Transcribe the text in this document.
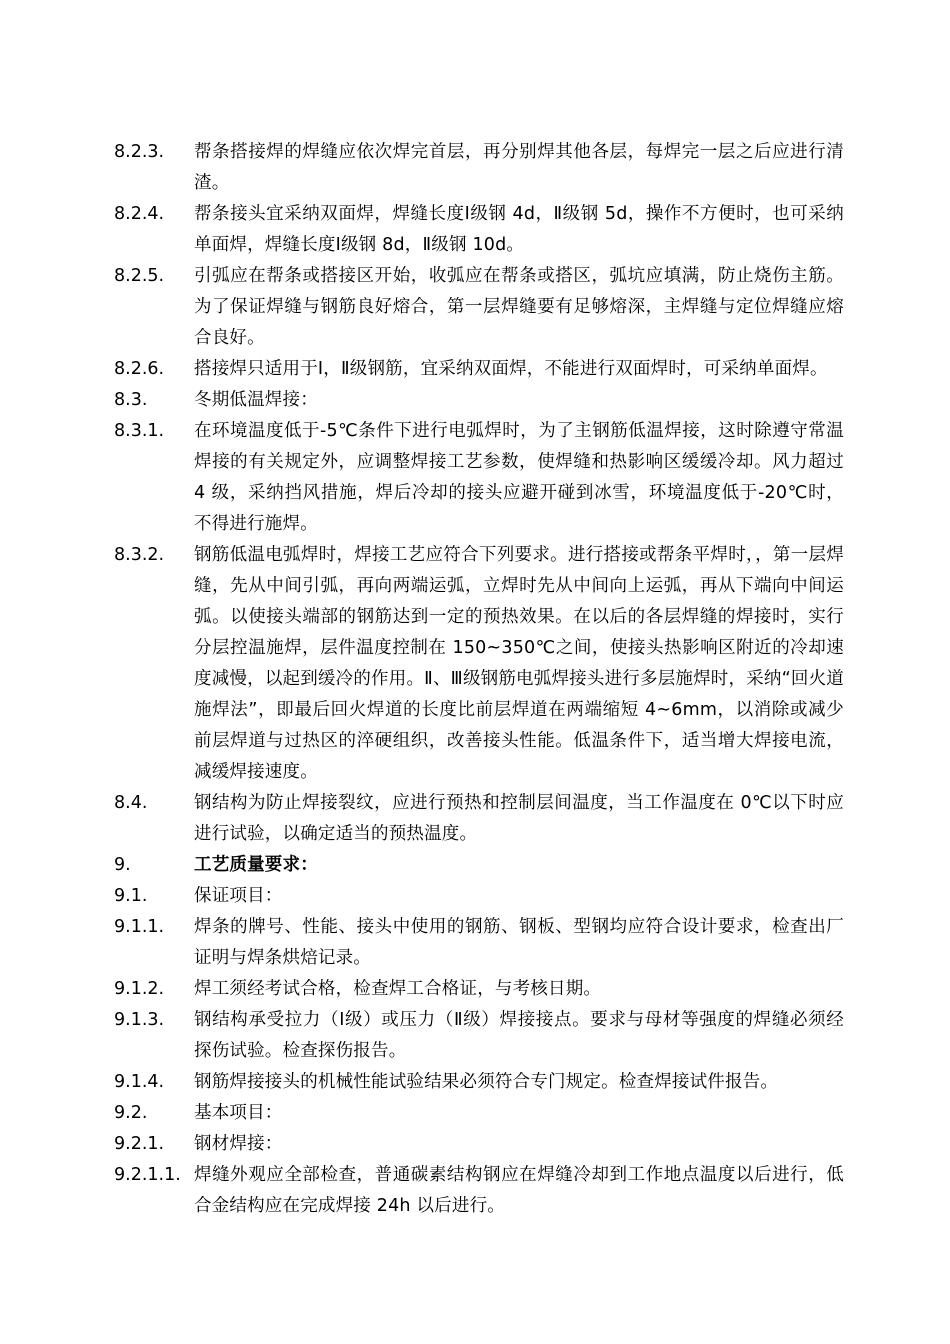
8.2.3.	帮条搭接焊的焊缝应依次焊完首层，再分别焊其他各层，每焊完一层之后应进行清渣。
8.2.4.	帮条接头宜采纳双面焊，焊缝长度Ⅰ级钢 4d，Ⅱ级钢 5d，操作不方便时，也可采纳单面焊，焊缝长度Ⅰ级钢 8d，Ⅱ级钢 10d。
8.2.5.	引弧应在帮条或搭接区开始，收弧应在帮条或搭区，弧坑应填满，防止烧伤主筋。为了保证焊缝与钢筋良好熔合，第一层焊缝要有足够熔深，主焊缝与定位焊缝应熔合良好。
8.2.6.	搭接焊只适用于Ⅰ，Ⅱ级钢筋，宜采纳双面焊，不能进行双面焊时，可采纳单面焊。
8.3.	冬期低温焊接：
8.3.1.	在环境温度低于-5℃条件下进行电弧焊时，为了主钢筋低温焊接，这时除遵守常温焊接的有关规定外，应调整焊接工艺参数，使焊缝和热影响区缓缓冷却。风力超过 4 级，采纳挡风措施，焊后冷却的接头应避开碰到冰雪，环境温度低于-20℃时，不得进行施焊。
8.3.2.	钢筋低温电弧焊时，焊接工艺应符合下列要求。进行搭接或帮条平焊时，，第一层焊缝，先从中间引弧，再向两端运弧，立焊时先从中间向上运弧，再从下端向中间运弧。以使接头端部的钢筋达到一定的预热效果。在以后的各层焊缝的焊接时，实行分层控温施焊，层件温度控制在 150~350℃之间，使接头热影响区附近的冷却速度减慢，以起到缓冷的作用。Ⅱ、Ⅲ级钢筋电弧焊接头进行多层施焊时，采纳“回火道施焊法”，即最后回火焊道的长度比前层焊道在两端缩短 4~6mm，以消除或减少前层焊道与过热区的淬硬组织，改善接头性能。低温条件下，适当增大焊接电流，减缓焊接速度。
8.4.	钢结构为防止焊接裂纹，应进行预热和控制层间温度，当工作温度在 0℃以下时应进行试验，以确定适当的预热温度。
9.	工艺质量要求：
9.1.	保证项目：
9.1.1.	焊条的牌号、性能、接头中使用的钢筋、钢板、型钢均应符合设计要求，检查出厂证明与焊条烘焙记录。
9.1.2.	焊工须经考试合格，检查焊工合格证，与考核日期。
9.1.3.	钢结构承受拉力（Ⅰ级）或压力（Ⅱ级）焊接接点。要求与母材等强度的焊缝必须经探伤试验。检查探伤报告。
9.1.4.	钢筋焊接接头的机械性能试验结果必须符合专门规定。检查焊接试件报告。
9.2.	基本项目：
9.2.1.	钢材焊接：
9.2.1.1. 焊缝外观应全部检查，普通碳素结构钢应在焊缝冷却到工作地点温度以后进行，低合金结构应在完成焊接 24h 以后进行。
